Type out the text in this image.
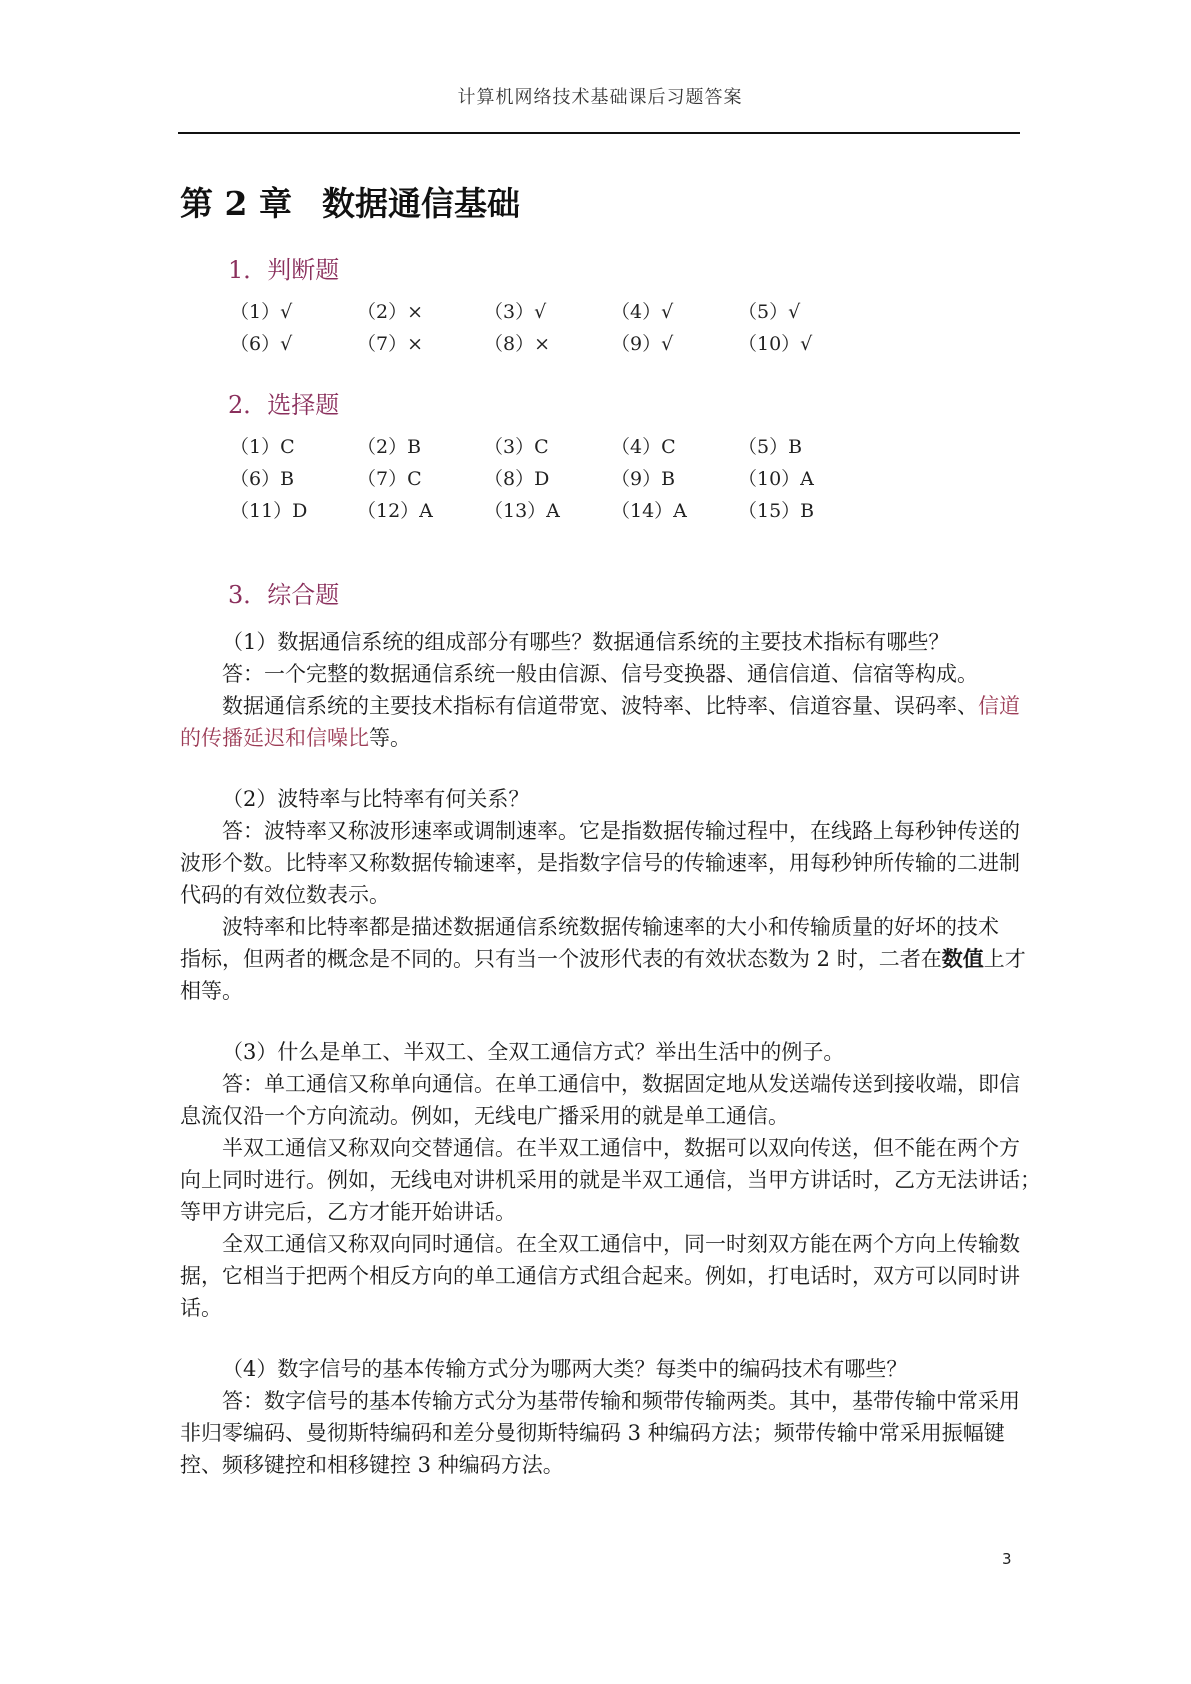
计算机网络技术基础课后习题答案
第 2 章 数据通信基础
1．判断题
（1）√	（2）×	（3）√	（4）√	（5）√
（6）√	（7）×	（8）×	（9）√	（10）√
2．选择题
（1）C	（2）B	（3）C	（4）C	（5）B
（6）B	（7）C	（8）D	（9）B	（10）A
（11）D	（12）A	（13）A	（14）A	（15）B
3．综合题
（1）数据通信系统的组成部分有哪些？数据通信系统的主要技术指标有哪些？
答：一个完整的数据通信系统一般由信源、信号变换器、通信信道、信宿等构成。
数据通信系统的主要技术指标有信道带宽、波特率、比特率、信道容量、误码率、信道
的传播延迟和信噪比等。
（2）波特率与比特率有何关系？
答：波特率又称波形速率或调制速率。它是指数据传输过程中，在线路上每秒钟传送的
波形个数。比特率又称数据传输速率，是指数字信号的传输速率，用每秒钟所传输的二进制
代码的有效位数表示。
波特率和比特率都是描述数据通信系统数据传输速率的大小和传输质量的好坏的技术
指标，但两者的概念是不同的。只有当一个波形代表的有效状态数为 2 时，二者在数值上才
相等。
（3）什么是单工、半双工、全双工通信方式？举出生活中的例子。
答：单工通信又称单向通信。在单工通信中，数据固定地从发送端传送到接收端，即信
息流仅沿一个方向流动。例如，无线电广播采用的就是单工通信。
半双工通信又称双向交替通信。在半双工通信中，数据可以双向传送，但不能在两个方
向上同时进行。例如，无线电对讲机采用的就是半双工通信，当甲方讲话时，乙方无法讲话；
等甲方讲完后，乙方才能开始讲话。
全双工通信又称双向同时通信。在全双工通信中，同一时刻双方能在两个方向上传输数
据，它相当于把两个相反方向的单工通信方式组合起来。例如，打电话时，双方可以同时讲
话。
（4）数字信号的基本传输方式分为哪两大类？每类中的编码技术有哪些？
答：数字信号的基本传输方式分为基带传输和频带传输两类。其中，基带传输中常采用
非归零编码、曼彻斯特编码和差分曼彻斯特编码 3 种编码方法；频带传输中常采用振幅键
控、频移键控和相移键控 3 种编码方法。
3
